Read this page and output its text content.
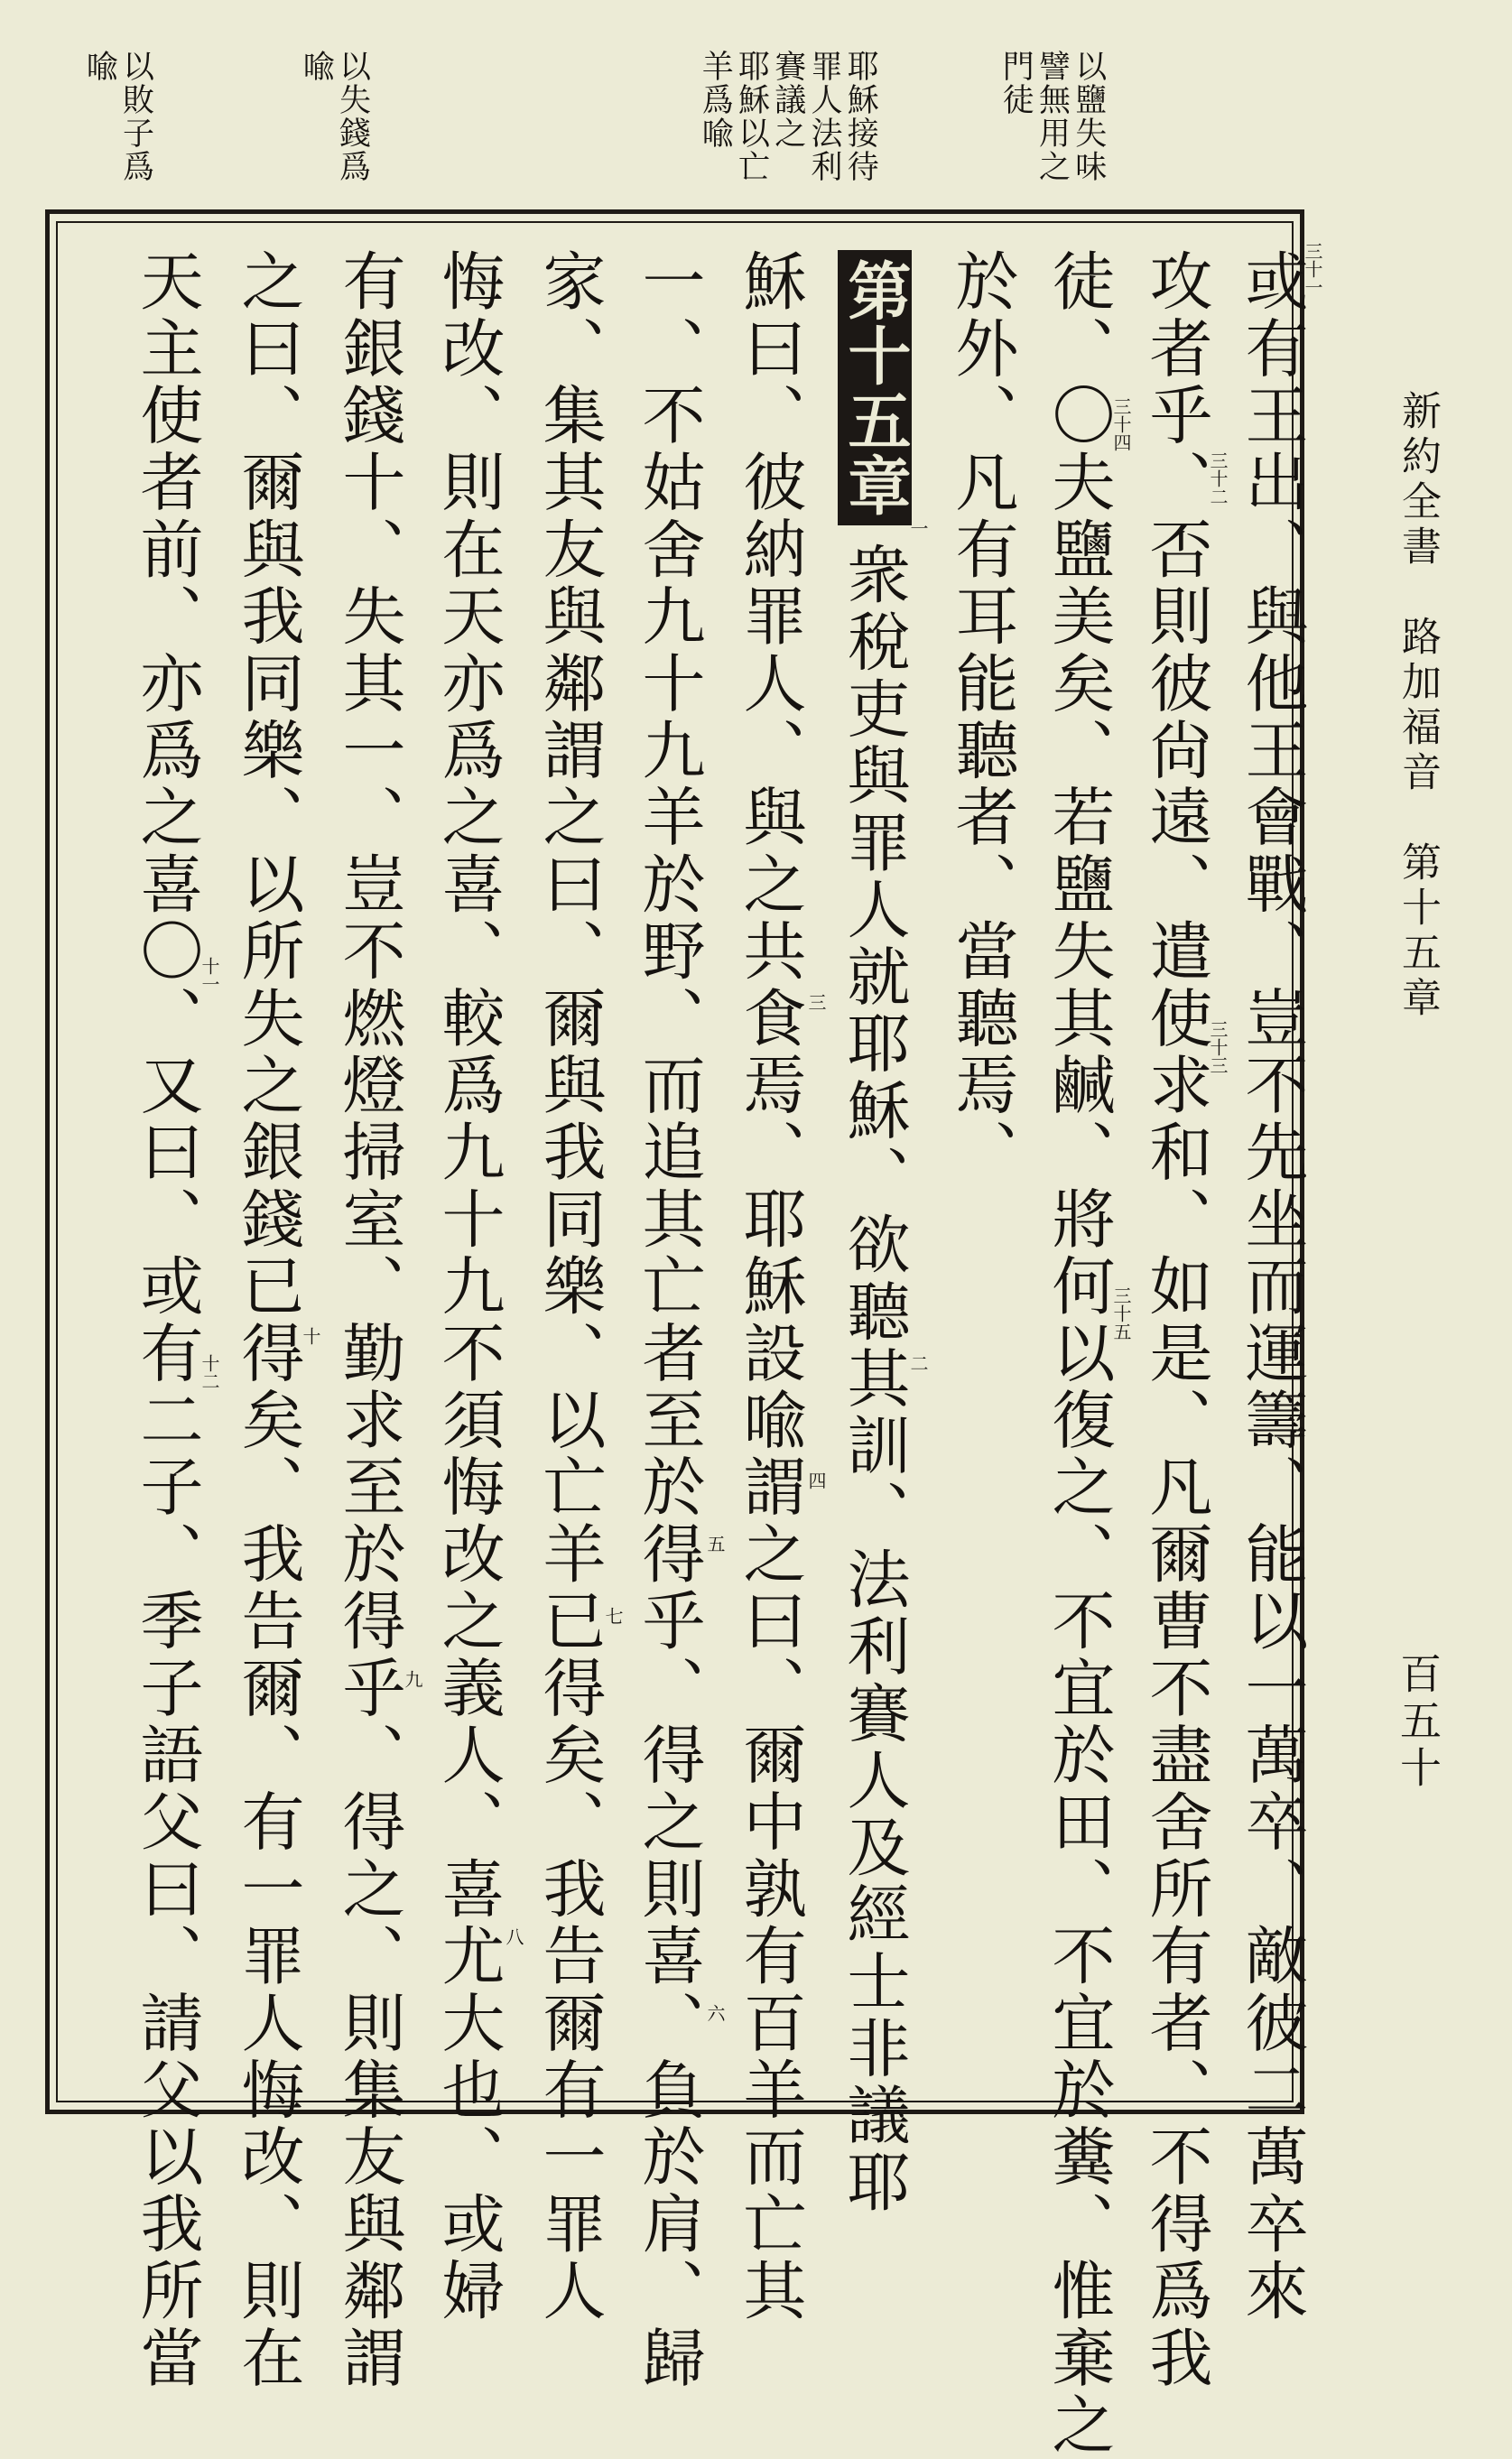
新約全書　路加福音　第十五章
百五十
以鹽失味
譬無用之
門徒
耶穌接待
罪人法利
賽議之
耶穌以亡
羊爲喩
以失錢爲
喩
以敗子爲
喩
或有王出、與他王會戰、豈不先坐而運籌、能以一萬卒、敵彼二萬卒來
攻者乎、否則彼尙遠、遣使求和、如是、凡爾曹不盡舍所有者、不得爲我
徒、〇夫鹽美矣、若鹽失其鹹、將何以復之、不宜於田、不宜於糞、惟棄之
於外、凡有耳能聽者、當聽焉、
第十五章
衆稅吏與罪人就耶穌、欲聽其訓、法利賽人及經士非議耶
穌曰、彼納罪人、與之共食焉、耶穌設喩謂之曰、爾中孰有百羊而亡其
一、不姑舍九十九羊於野、而追其亡者至於得乎、得之則喜、負於肩、歸
家、集其友與鄰謂之曰、爾與我同樂、以亡羊已得矣、我告爾有一罪人
悔改、則在天亦爲之喜、較爲九十九不須悔改之義人、喜尤大也、或婦
有銀錢十、失其一、豈不燃燈掃室、勤求至於得乎、得之、則集友與鄰謂
之曰、爾與我同樂、以所失之銀錢已得矣、我告爾、有一罪人悔改、則在
天主使者前、亦爲之喜〇、又曰、或有二子、季子語父曰、請父以我所當	三十一
三十二
三十三
三十四
三十五
一
二
三
四
五
六
七
八
九
十
十一
十二
